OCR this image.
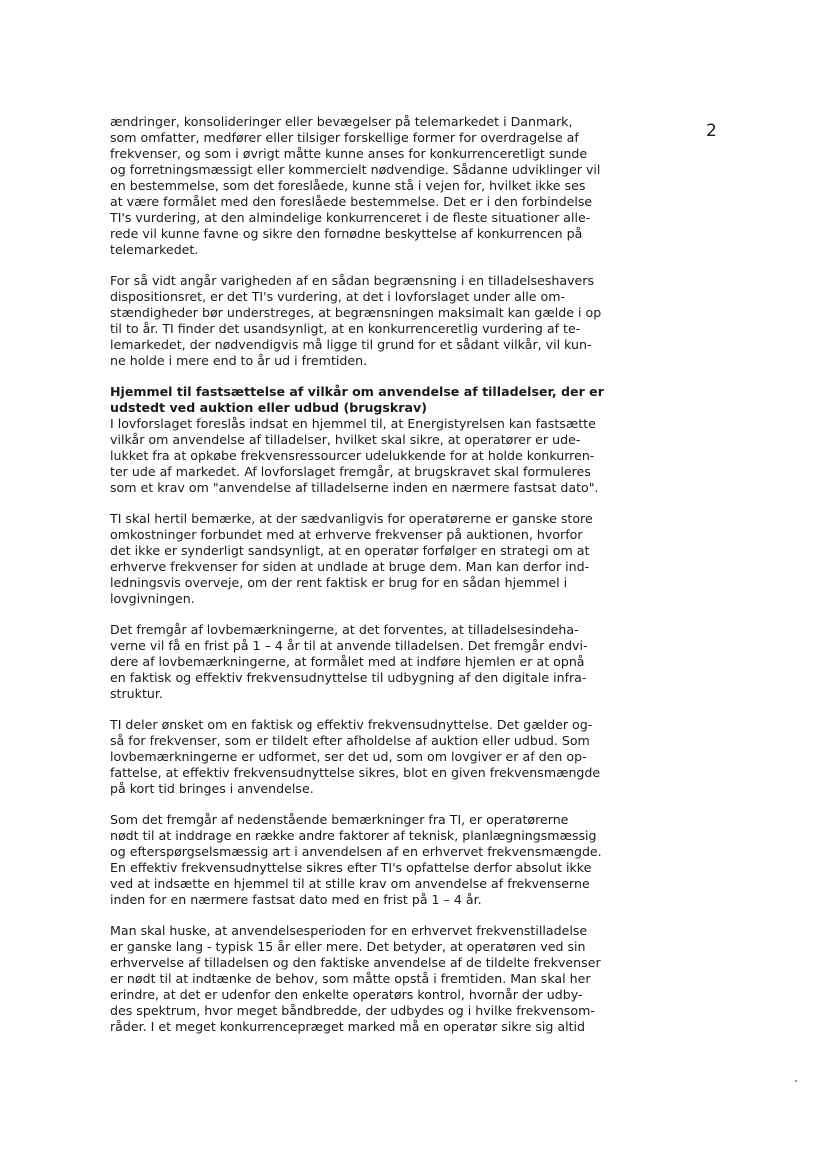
2
ændringer, konsolideringer eller bevægelser på telemarkedet i Danmark,
som omfatter, medfører eller tilsiger forskellige former for overdragelse af
frekvenser, og som i øvrigt måtte kunne anses for konkurrenceretligt sunde
og forretningsmæssigt eller kommercielt nødvendige. Sådanne udviklinger vil
en bestemmelse, som det foreslåede, kunne stå i vejen for, hvilket ikke ses
at være formålet med den foreslåede bestemmelse. Det er i den forbindelse
TI's vurdering, at den almindelige konkurrenceret i de fleste situationer alle-
rede vil kunne favne og sikre den fornødne beskyttelse af konkurrencen på
telemarkedet.
For så vidt angår varigheden af en sådan begrænsning i en tilladelseshavers
dispositionsret, er det TI's vurdering, at det i lovforslaget under alle om-
stændigheder bør understreges, at begrænsningen maksimalt kan gælde i op
til to år. TI finder det usandsynligt, at en konkurrenceretlig vurdering af te-
lemarkedet, der nødvendigvis må ligge til grund for et sådant vilkår, vil kun-
ne holde i mere end to år ud i fremtiden.
Hjemmel til fastsættelse af vilkår om anvendelse af tilladelser, der er
udstedt ved auktion eller udbud (brugskrav)
I lovforslaget foreslås indsat en hjemmel til, at Energistyrelsen kan fastsætte
vilkår om anvendelse af tilladelser, hvilket skal sikre, at operatører er ude-
lukket fra at opkøbe frekvensressourcer udelukkende for at holde konkurren-
ter ude af markedet. Af lovforslaget fremgår, at brugskravet skal formuleres
som et krav om "anvendelse af tilladelserne inden en nærmere fastsat dato".
TI skal hertil bemærke, at der sædvanligvis for operatørerne er ganske store
omkostninger forbundet med at erhverve frekvenser på auktionen, hvorfor
det ikke er synderligt sandsynligt, at en operatør forfølger en strategi om at
erhverve frekvenser for siden at undlade at bruge dem. Man kan derfor ind-
ledningsvis overveje, om der rent faktisk er brug for en sådan hjemmel i
lovgivningen.
Det fremgår af lovbemærkningerne, at det forventes, at tilladelsesindeha-
verne vil få en frist på 1 – 4 år til at anvende tilladelsen. Det fremgår endvi-
dere af lovbemærkningerne, at formålet med at indføre hjemlen er at opnå
en faktisk og effektiv frekvensudnyttelse til udbygning af den digitale infra-
struktur.
TI deler ønsket om en faktisk og effektiv frekvensudnyttelse. Det gælder og-
så for frekvenser, som er tildelt efter afholdelse af auktion eller udbud. Som
lovbemærkningerne er udformet, ser det ud, som om lovgiver er af den op-
fattelse, at effektiv frekvensudnyttelse sikres, blot en given frekvensmængde
på kort tid bringes i anvendelse.
Som det fremgår af nedenstående bemærkninger fra TI, er operatørerne
nødt til at inddrage en række andre faktorer af teknisk, planlægningsmæssig
og efterspørgselsmæssig art i anvendelsen af en erhvervet frekvensmængde.
En effektiv frekvensudnyttelse sikres efter TI's opfattelse derfor absolut ikke
ved at indsætte en hjemmel til at stille krav om anvendelse af frekvenserne
inden for en nærmere fastsat dato med en frist på 1 – 4 år.
Man skal huske, at anvendelsesperioden for en erhvervet frekvenstilladelse
er ganske lang - typisk 15 år eller mere. Det betyder, at operatøren ved sin
erhvervelse af tilladelsen og den faktiske anvendelse af de tildelte frekvenser
er nødt til at indtænke de behov, som måtte opstå i fremtiden. Man skal her
erindre, at det er udenfor den enkelte operatørs kontrol, hvornår der udby-
des spektrum, hvor meget båndbredde, der udbydes og i hvilke frekvensom-
råder. I et meget konkurrencepræget marked må en operatør sikre sig altid
